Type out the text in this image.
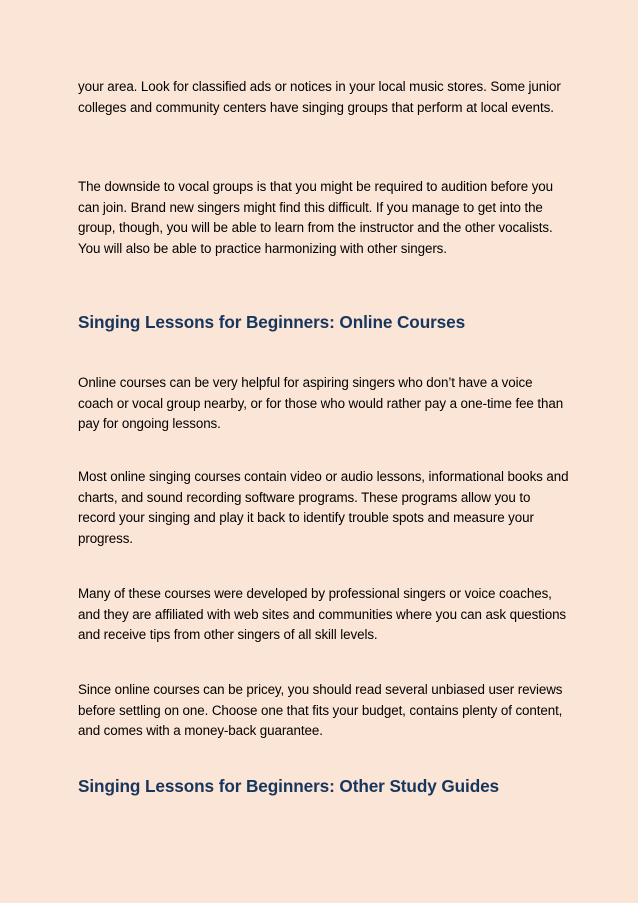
your area. Look for classified ads or notices in your local music stores. Some junior colleges and community centers have singing groups that perform at local events.

The downside to vocal groups is that you might be required to audition before you can join. Brand new singers might find this difficult. If you manage to get into the group, though, you will be able to learn from the instructor and the other vocalists. You will also be able to practice harmonizing with other singers.

Singing Lessons for Beginners: Online Courses

Online courses can be very helpful for aspiring singers who don’t have a voice coach or vocal group nearby, or for those who would rather pay a one-time fee than pay for ongoing lessons.

Most online singing courses contain video or audio lessons, informational books and charts, and sound recording software programs. These programs allow you to record your singing and play it back to identify trouble spots and measure your progress.

Many of these courses were developed by professional singers or voice coaches, and they are affiliated with web sites and communities where you can ask questions and receive tips from other singers of all skill levels.

Since online courses can be pricey, you should read several unbiased user reviews before settling on one. Choose one that fits your budget, contains plenty of content, and comes with a money-back guarantee.

Singing Lessons for Beginners: Other Study Guides
